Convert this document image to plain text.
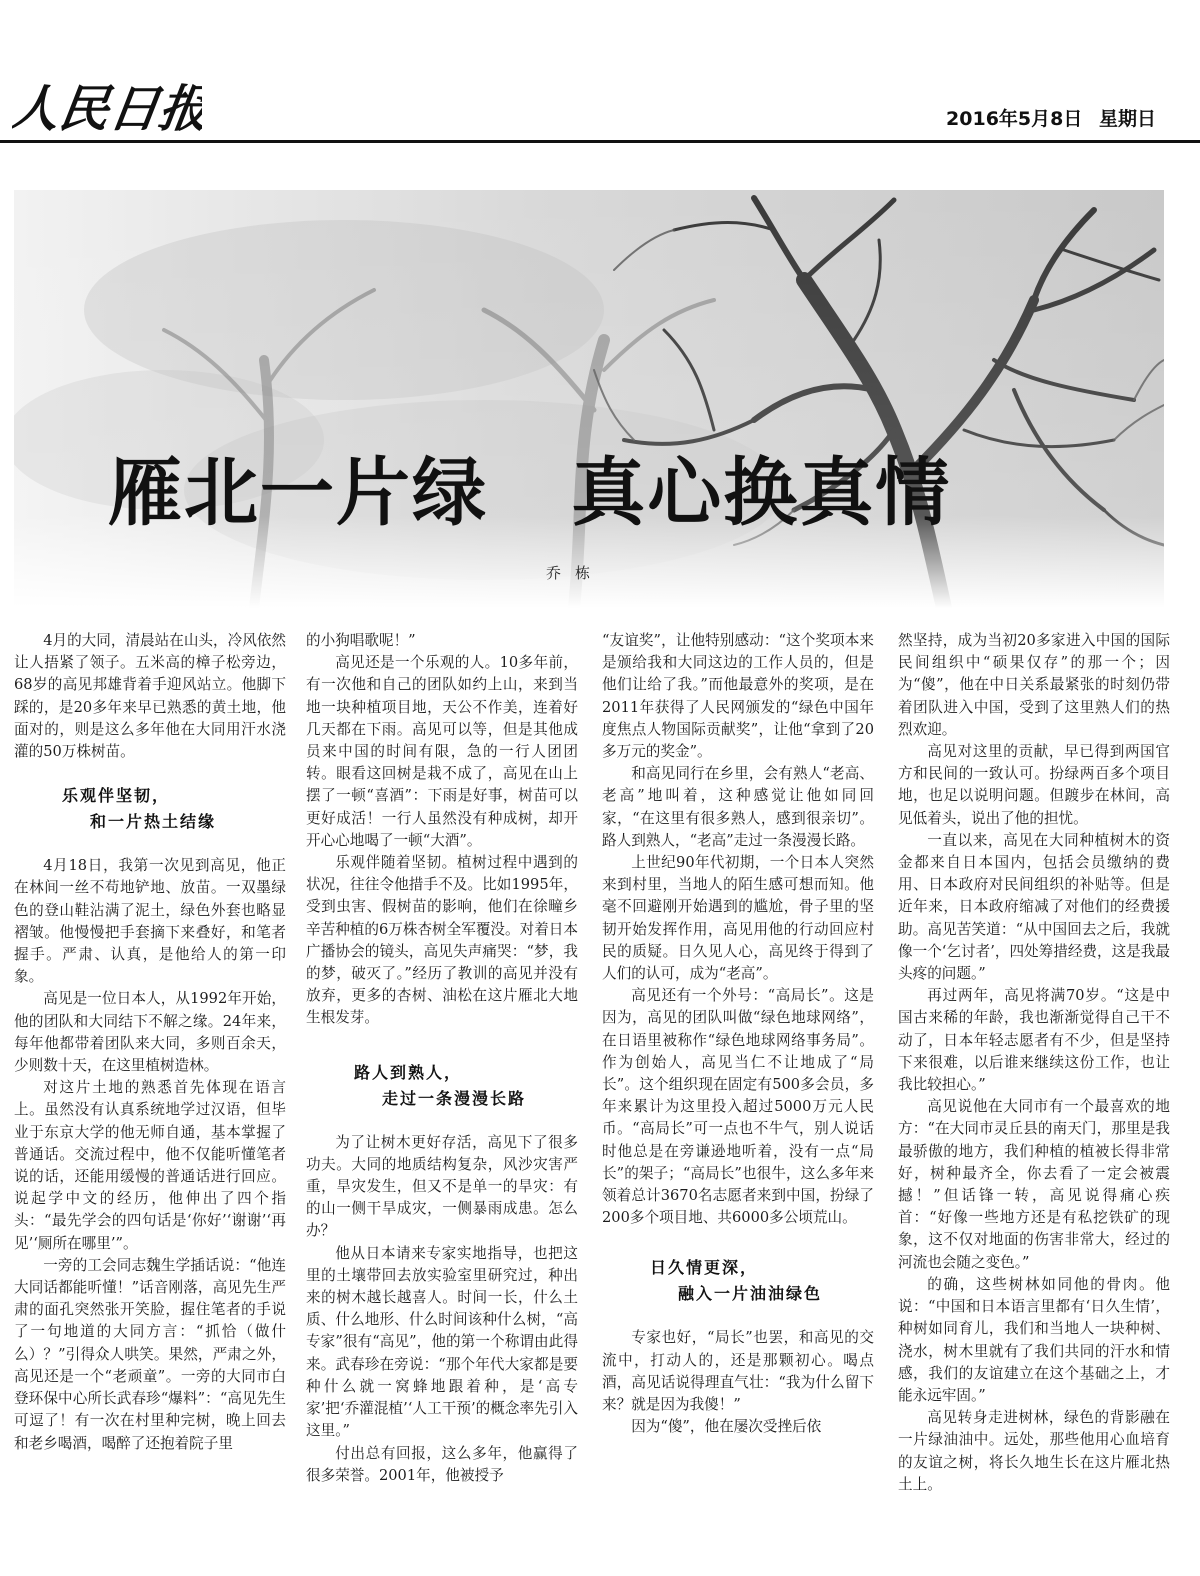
人民日报	2016年5月8日 星期日
雁北一片绿 真心换真情
乔栋

4月的大同，清晨站在山头，冷风依然让人捂紧了领子。五米高的樟子松旁边，68岁的高见邦雄背着手迎风站立。他脚下踩的，是20多年来早已熟悉的黄土地，他面对的，则是这么多年他在大同用汗水浇灌的50万株树苗。

乐观伴坚韧，
和一片热土结缘

4月18日，我第一次见到高见，他正在林间一丝不苟地铲地、放苗。一双墨绿色的登山鞋沾满了泥土，绿色外套也略显褶皱。他慢慢把手套摘下来叠好，和笔者握手。严肃、认真，是他给人的第一印象。

高见是一位日本人，从1992年开始，他的团队和大同结下不解之缘。24年来，每年他都带着团队来大同，多则百余天，少则数十天，在这里植树造林。

对这片土地的熟悉首先体现在语言上。虽然没有认真系统地学过汉语，但毕业于东京大学的他无师自通，基本掌握了普通话。交流过程中，他不仅能听懂笔者说的话，还能用缓慢的普通话进行回应。说起学中文的经历，他伸出了四个指头：“最先学会的四句话是‘你好’‘谢谢’‘再见’‘厕所在哪里’”。

一旁的工会同志魏生学插话说：“他连大同话都能听懂！”话音刚落，高见先生严肃的面孔突然张开笑脸，握住笔者的手说了一句地道的大同方言：“抓恰（做什么）？”引得众人哄笑。果然，严肃之外，高见还是一个“老顽童”。一旁的大同市白登环保中心所长武春珍“爆料”：“高见先生可逗了！有一次在村里种完树，晚上回去和老乡喝酒，喝醉了还抱着院子里

的小狗唱歌呢！”

高见还是一个乐观的人。10多年前，有一次他和自己的团队如约上山，来到当地一块种植项目地，天公不作美，连着好几天都在下雨。高见可以等，但是其他成员来中国的时间有限，急的一行人团团转。眼看这回树是栽不成了，高见在山上摆了一顿“喜酒”：下雨是好事，树苗可以更好成活！一行人虽然没有种成树，却开开心心地喝了一顿“大酒”。

乐观伴随着坚韧。植树过程中遇到的状况，往往令他措手不及。比如1995年，受到虫害、假树苗的影响，他们在徐疃乡辛苦种植的6万株杏树全军覆没。对着日本广播协会的镜头，高见失声痛哭：“梦，我的梦，破灭了。”经历了教训的高见并没有放弃，更多的杏树、油松在这片雁北大地生根发芽。

路人到熟人，
走过一条漫漫长路

为了让树木更好存活，高见下了很多功夫。大同的地质结构复杂，风沙灾害严重，旱灾发生，但又不是单一的旱灾：有的山一侧干旱成灾，一侧暴雨成患。怎么办？

他从日本请来专家实地指导，也把这里的土壤带回去放实验室里研究过，种出来的树木越长越喜人。时间一长，什么土质、什么地形、什么时间该种什么树，“高专家”很有“高见”，他的第一个称谓由此得来。武春珍在旁说：“那个年代大家都是要种什么就一窝蜂地跟着种，是‘高专家’把‘乔灌混植’‘人工干预’的概念率先引入这里。”

付出总有回报，这么多年，他赢得了很多荣誉。2001年，他被授予

“友谊奖”，让他特别感动：“这个奖项本来是颁给我和大同这边的工作人员的，但是他们让给了我。”而他最意外的奖项，是在2011年获得了人民网颁发的“绿色中国年度焦点人物国际贡献奖”，让他“拿到了20多万元的奖金”。

和高见同行在乡里，会有熟人“老高、老高”地叫着，这种感觉让他如同回家，“在这里有很多熟人，感到很亲切”。路人到熟人，“老高”走过一条漫漫长路。

上世纪90年代初期，一个日本人突然来到村里，当地人的陌生感可想而知。他毫不回避刚开始遇到的尴尬，骨子里的坚韧开始发挥作用，高见用他的行动回应村民的质疑。日久见人心，高见终于得到了人们的认可，成为“老高”。

高见还有一个外号：“高局长”。这是因为，高见的团队叫做“绿色地球网络”，在日语里被称作“绿色地球网络事务局”。作为创始人，高见当仁不让地成了“局长”。这个组织现在固定有500多会员，多年来累计为这里投入超过5000万元人民币。“高局长”可一点也不牛气，别人说话时他总是在旁谦逊地听着，没有一点“局长”的架子；“高局长”也很牛，这么多年来领着总计3670名志愿者来到中国，扮绿了200多个项目地、共6000多公顷荒山。

日久情更深，
融入一片油油绿色

专家也好，“局长”也罢，和高见的交流中，打动人的，还是那颗初心。喝点酒，高见话说得理直气壮：“我为什么留下来？就是因为我傻！”

因为“傻”，他在屡次受挫后依

然坚持，成为当初20多家进入中国的国际民间组织中“硕果仅存”的那一个；因为“傻”，他在中日关系最紧张的时刻仍带着团队进入中国，受到了这里熟人们的热烈欢迎。

高见对这里的贡献，早已得到两国官方和民间的一致认可。扮绿两百多个项目地，也足以说明问题。但踱步在林间，高见低着头，说出了他的担忧。

一直以来，高见在大同种植树木的资金都来自日本国内，包括会员缴纳的费用、日本政府对民间组织的补贴等。但是近年来，日本政府缩减了对他们的经费援助。高见苦笑道：“从中国回去之后，我就像一个‘乞讨者’，四处筹措经费，这是我最头疼的问题。”

再过两年，高见将满70岁。“这是中国古来稀的年龄，我也渐渐觉得自己干不动了，日本年轻志愿者有不少，但是坚持下来很难，以后谁来继续这份工作，也让我比较担心。”

高见说他在大同市有一个最喜欢的地方：“在大同市灵丘县的南天门，那里是我最骄傲的地方，我们种植的植被长得非常好，树种最齐全，你去看了一定会被震撼！”但话锋一转，高见说得痛心疾首：“好像一些地方还是有私挖铁矿的现象，这不仅对地面的伤害非常大，经过的河流也会随之变色。”

的确，这些树林如同他的骨肉。他说：“中国和日本语言里都有‘日久生情’，种树如同育儿，我们和当地人一块种树、浇水，树木里就有了我们共同的汗水和情感，我们的友谊建立在这个基础之上，才能永远牢固。”

高见转身走进树林，绿色的背影融在一片绿油油中。远处，那些他用心血培育的友谊之树，将长久地生长在这片雁北热土上。
